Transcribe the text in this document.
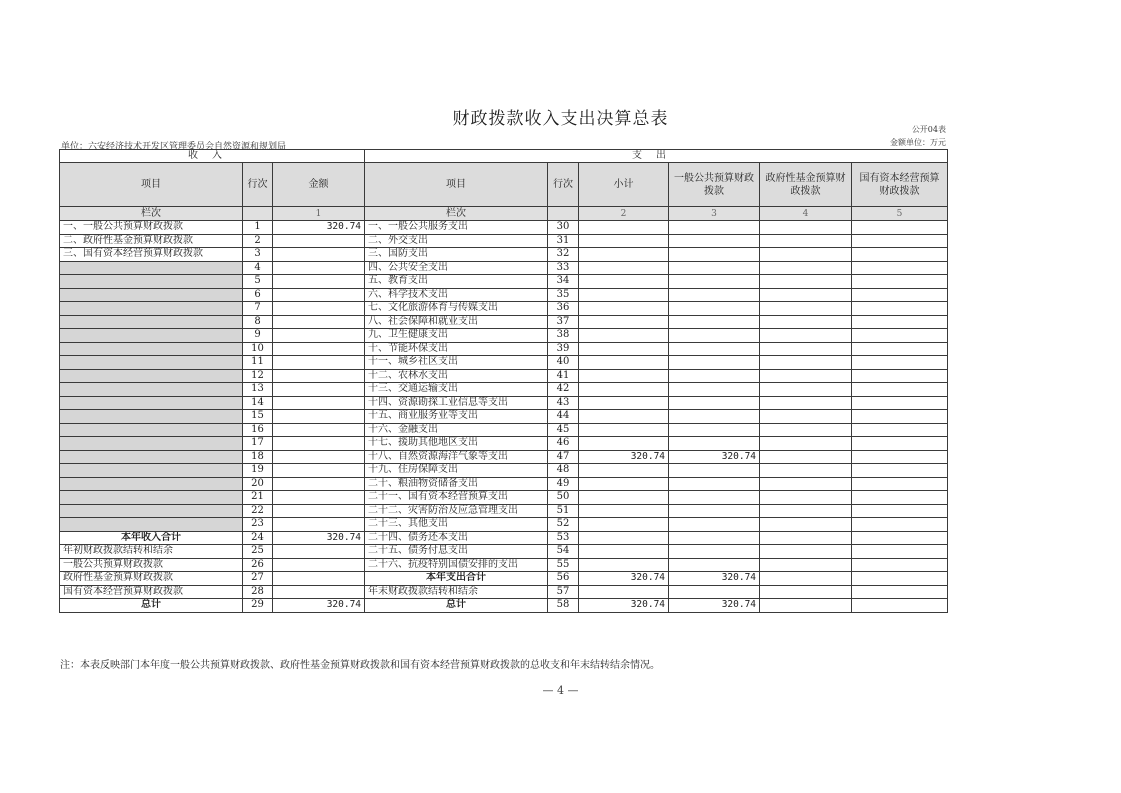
财政拨款收入支出决算总表
公开04表
金额单位：万元
单位：六安经济技术开发区管理委员会自然资源和规划局
收入			支出					
项目	行次	金额	项目	行次	小计	一般公共预算财政拨款	政府性基金预算财政拨款	国有资本经营预算财政拨款
栏次		1	栏次		2	3	4	5
一、一般公共预算财政拨款	1	320.74	一、一般公共服务支出	30				
二、政府性基金预算财政拨款	2		二、外交支出	31				
三、国有资本经营预算财政拨款	3		三、国防支出	32				
	4		四、公共安全支出	33				
	5		五、教育支出	34				
	6		六、科学技术支出	35				
	7		七、文化旅游体育与传媒支出	36				
	8		八、社会保障和就业支出	37				
	9		九、卫生健康支出	38				
	10		十、节能环保支出	39				
	11		十一、城乡社区支出	40				
	12		十二、农林水支出	41				
	13		十三、交通运输支出	42				
	14		十四、资源勘探工业信息等支出	43				
	15		十五、商业服务业等支出	44				
	16		十六、金融支出	45				
	17		十七、援助其他地区支出	46				
	18		十八、自然资源海洋气象等支出	47	320.74	320.74		
	19		十九、住房保障支出	48				
	20		二十、粮油物资储备支出	49				
	21		二十一、国有资本经营预算支出	50				
	22		二十二、灾害防治及应急管理支出	51				
	23		二十三、其他支出	52				
本年收入合计	24	320.74	二十四、债务还本支出	53				
年初财政拨款结转和结余	25		二十五、债务付息支出	54				
一般公共预算财政拨款	26		二十六、抗疫特别国债安排的支出	55				
政府性基金预算财政拨款	27		本年支出合计	56	320.74	320.74		
国有资本经营预算财政拨款	28		年末财政拨款结转和结余	57				
总计	29	320.74	总计	58	320.74	320.74		
注：本表反映部门本年度一般公共预算财政拨款、政府性基金预算财政拨款和国有资本经营预算财政拨款的总收支和年末结转结余情况。
— 4 —
